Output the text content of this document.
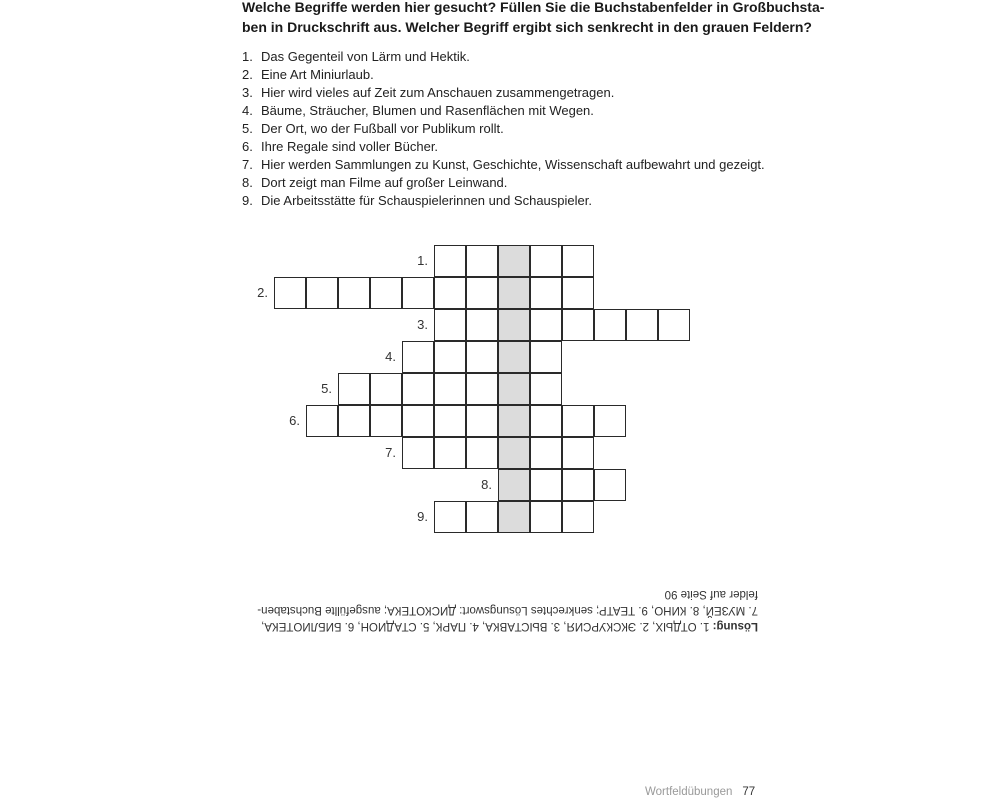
Welche Begriffe werden hier gesucht? Füllen Sie die Buchstabenfelder in Großbuchsta-
ben in Druckschrift aus. Welcher Begriff ergibt sich senkrecht in den grauen Feldern?
1. Das Gegenteil von Lärm und Hektik.
2. Eine Art Miniurlaub.
3. Hier wird vieles auf Zeit zum Anschauen zusammengetragen.
4. Bäume, Sträucher, Blumen und Rasenflächen mit Wegen.
5. Der Ort, wo der Fußball vor Publikum rollt.
6. Ihre Regale sind voller Bücher.
7. Hier werden Sammlungen zu Kunst, Geschichte, Wissenschaft aufbewahrt und gezeigt.
8. Dort zeigt man Filme auf großer Leinwand.
9. Die Arbeitsstätte für Schauspielerinnen und Schauspieler.
1.
2.
3.
4.
5.
6.
7.
8.
9.
Lösung: 1. ОТДЫХ, 2. ЭКСКУРСИЯ, 3. ВЫСТАВКА, 4. ПАРК, 5. СТАДИОН, 6. БИБЛИОТЕКА,
7. МУЗЕЙ, 8. КИНО, 9. ТЕАТР; senkrechtes Lösungswort: ДИСКОТЕКА; ausgefüllte Buchstaben-
felder auf Seite 90
Wortfeldübungen 77
